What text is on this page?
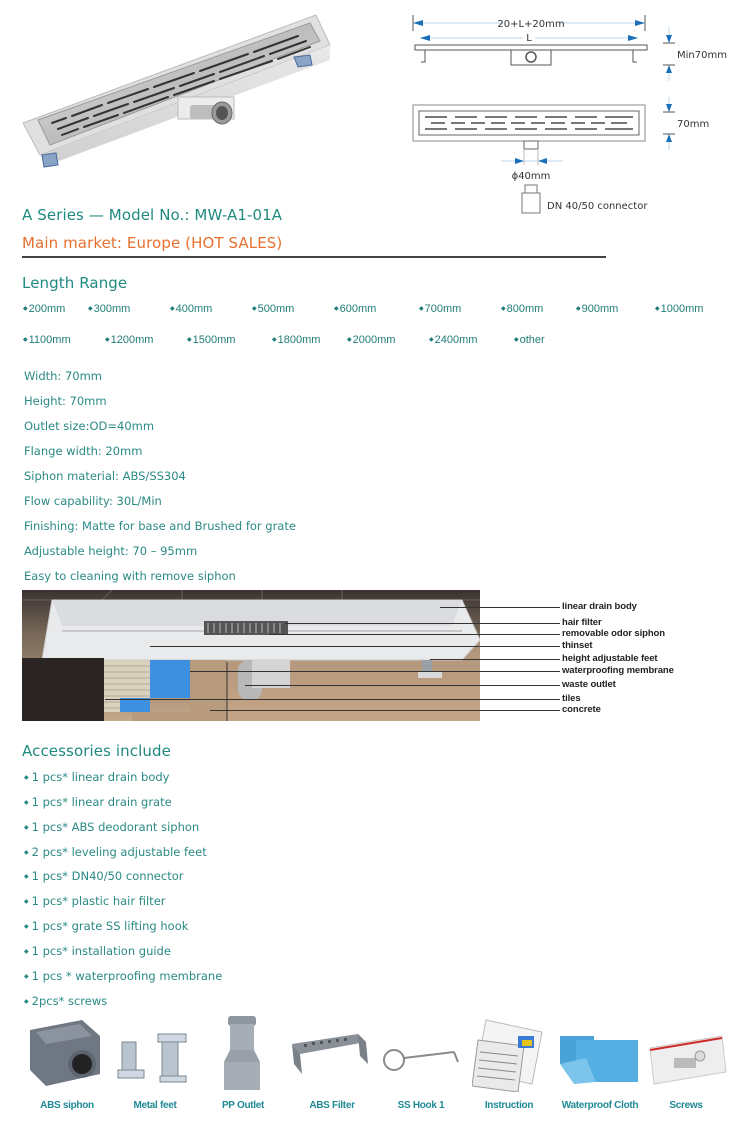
20+L+20mm
L
Min70mm
70mm
ϕ40mm
DN 40/50 connector
A Series — Model No.: MW-A1-01A
Main market: Europe (HOT SALES)
Length Range
◆ 200mm	◆ 300mm	◆ 400mm	◆ 500mm	◆ 600mm	◆ 700mm	◆ 800mm	◆ 900mm	◆ 1000mm
◆ 1100mm	◆ 1200mm	◆ 1500mm	◆ 1800mm	◆ 2000mm	◆ 2400mm	◆ other
Width: 70mm
Height: 70mm
Outlet size:OD=40mm
Flange width: 20mm
Siphon material: ABS/SS304
Flow capability: 30L/Min
Finishing: Matte for base and Brushed for grate
Adjustable height: 70 – 95mm
Easy to cleaning with remove siphon
linear drain body
hair filter
removable odor siphon
thinset
height adjustable feet
waterproofing membrane
waste outlet
tiles
concrete
Accessories include
◆ 1 pcs* linear drain body
◆ 1 pcs* linear drain grate
◆ 1 pcs* ABS deodorant siphon
◆ 2 pcs* leveling adjustable feet
◆ 1 pcs* DN40/50 connector
◆ 1 pcs* plastic hair filter
◆ 1 pcs* grate SS lifting hook
◆ 1 pcs* installation guide
◆ 1 pcs * waterproofing membrane
◆ 2pcs* screws
ABS siphon	Metal feet	PP Outlet	ABS Filter	SS Hook 1	Instruction	Waterproof Cloth	Screws
